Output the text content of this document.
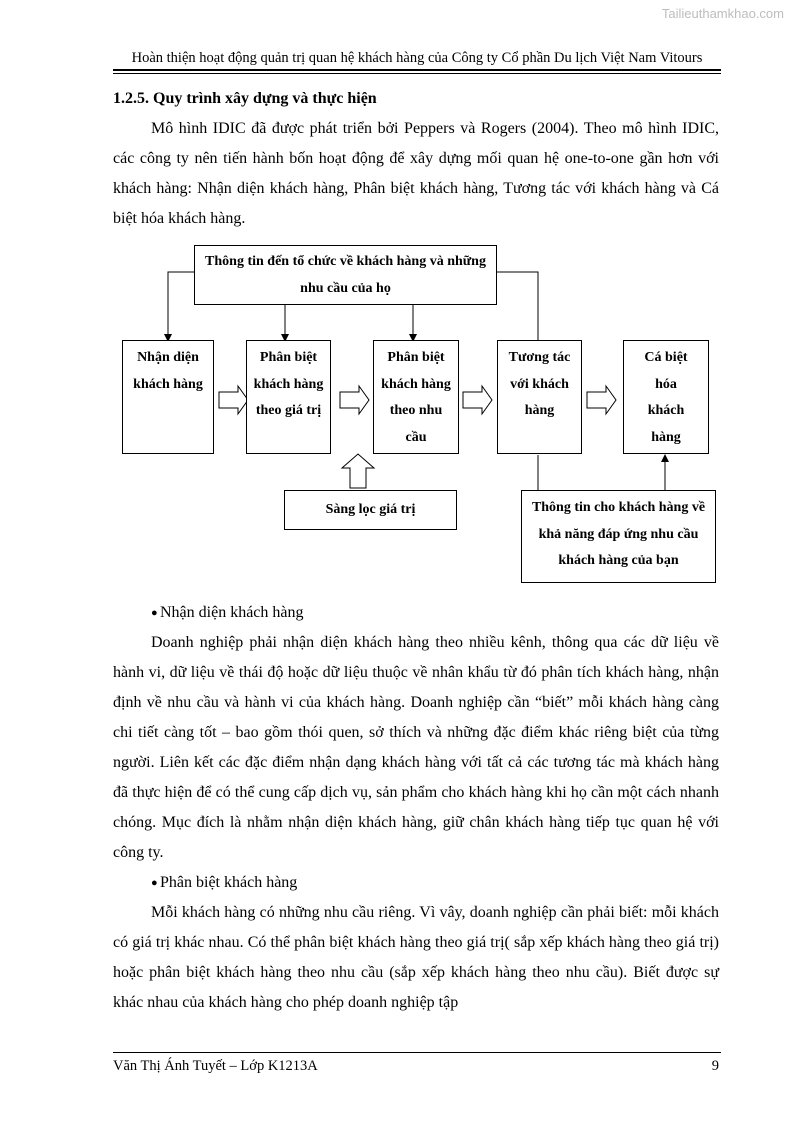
Tailieuthamkhao.com
Hoàn thiện hoạt động quản trị quan hệ khách hàng của Công ty Cổ phần Du lịch Việt Nam Vitours
1.2.5. Quy trình xây dựng và thực hiện

Mô hình IDIC đã được phát triển bởi Peppers và Rogers (2004). Theo mô hình IDIC, các công ty nên tiến hành bốn hoạt động để xây dựng mối quan hệ one-to-one gần hơn với khách hàng: Nhận diện khách hàng, Phân biệt khách hàng, Tương tác với khách hàng và Cá biệt hóa khách hàng.

Thông tin đến tổ chức về khách hàng và những nhu cầu của họ
Nhận diện khách hàng
Phân biệt khách hàng theo giá trị
Phân biệt khách hàng theo nhu cầu
Tương tác với khách hàng
Cá biệt hóa khách hàng
Sàng lọc giá trị	Thông tin cho khách hàng về khả năng đáp ứng nhu cầu khách hàng của bạn
● Nhận diện khách hàng

Doanh nghiệp phải nhận diện khách hàng theo nhiều kênh, thông qua các dữ liệu về hành vi, dữ liệu về thái độ hoặc dữ liệu thuộc về nhân khẩu từ đó phân tích khách hàng, nhận định về nhu cầu và hành vi của khách hàng. Doanh nghiệp cần “biết” mỗi khách hàng càng chi tiết càng tốt – bao gồm thói quen, sở thích và những đặc điểm khác riêng biệt của từng người. Liên kết các đặc điểm nhận dạng khách hàng với tất cả các tương tác mà khách hàng đã thực hiện để có thể cung cấp dịch vụ, sản phẩm cho khách hàng khi họ cần một cách nhanh chóng. Mục đích là nhằm nhận diện khách hàng, giữ chân khách hàng tiếp tục quan hệ với công ty.

● Phân biệt khách hàng

Mỗi khách hàng có những nhu cầu riêng. Vì vây, doanh nghiệp cần phải biết: mỗi khách có giá trị khác nhau. Có thể phân biệt khách hàng theo giá trị( sắp xếp khách hàng theo giá trị) hoặc phân biệt khách hàng theo nhu cầu (sắp xếp khách hàng theo nhu cầu). Biết được sự khác nhau của khách hàng cho phép doanh nghiệp tập

Văn Thị Ánh Tuyết – Lớp K1213A	9
